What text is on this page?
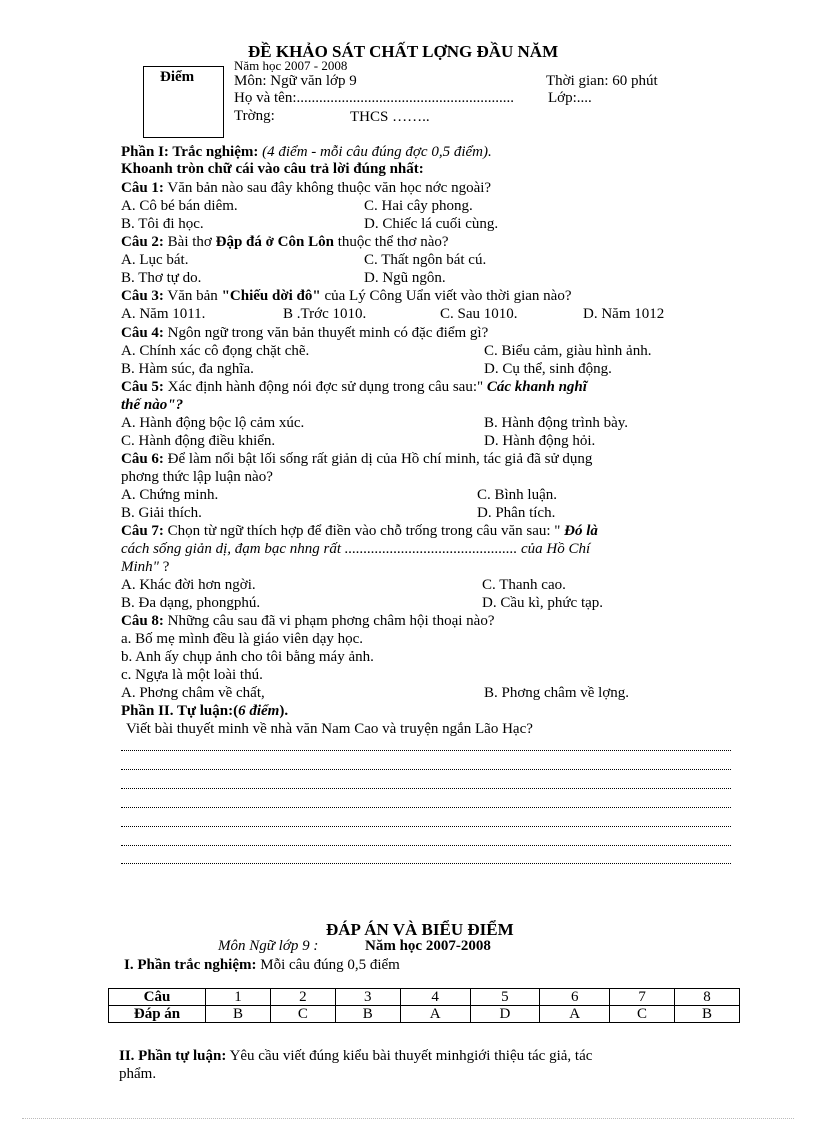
ĐỀ KHẢO SÁT CHẤT LỢNG ĐẦU NĂM
Năm học 2007 - 2008
Điểm	Môn: Ngữ văn lớp 9	Thời gian: 60 phút
Họ và tên:.......................................................... Lớp:....
Trờng:	THCS ……..
Phần I: Trắc nghiệm: (4 điểm - mỗi câu đúng đợc 0,5 điểm).
Khoanh tròn chữ cái vào câu trả lời đúng nhất:
Câu 1: Văn bản nào sau đây không thuộc văn học nớc ngoài?
A. Cô bé bán diêm.	C. Hai cây phong.
B. Tôi đi học.	D. Chiếc lá cuối cùng.
Câu 2: Bài thơ Đập đá ở Côn Lôn thuộc thể thơ nào?
A. Lục bát.	C. Thất ngôn bát cú.
B. Thơ tự do.	D. Ngũ ngôn.
Câu 3: Văn bản "Chiếu dời đô" của Lý Công Uẩn viết vào thời gian nào?
A. Năm 1011.	B .Trớc 1010.	C. Sau 1010.	D. Năm 1012
Câu 4: Ngôn ngữ trong văn bản thuyết minh có đặc điểm gì?
A. Chính xác cô đọng chặt chẽ.	C. Biểu cảm, giàu hình ảnh.
B. Hàm súc, đa nghĩa.	D. Cụ thể, sinh động.
Câu 5: Xác định hành động nói đợc sử dụng trong câu sau:" Các khanh nghĩ
thế nào"?
A. Hành động bộc lộ cảm xúc.	B. Hành động trình bày.
C. Hành động điều khiển.	D. Hành động hỏi.
Câu 6: Để làm nổi bật lối sống rất giản dị của Hồ chí minh, tác giả đã sử dụng
phơng thức lập luận nào?
A. Chứng minh.	C. Bình luận.
B. Giải thích.	D. Phân tích.
Câu 7: Chọn từ ngữ thích hợp để điền vào chỗ trống trong câu văn sau: " Đó là
cách sống giản dị, đạm bạc nhng rất .............................................. của Hồ Chí
Minh" ?
A. Khác đời hơn ngời.	C. Thanh cao.
B. Đa dạng, phongphú.	D. Cầu kì, phức tạp.
Câu 8: Những câu sau đã vi phạm phơng châm hội thoại nào?
a. Bố mẹ mình đều là giáo viên dạy học.
b. Anh ấy chụp ảnh cho tôi bằng máy ảnh.
c. Ngựa là một loài thú.
A. Phơng châm về chất,	B. Phơng châm về lợng.
Phần II. Tự luận:(6 điểm).
Viết bài thuyết minh về nhà văn Nam Cao và truyện ngắn Lão Hạc?
ĐÁP ÁN VÀ BIỂU ĐIỂM
Môn Ngữ lớp 9 :	Năm học 2007-2008
I. Phần trắc nghiệm: Mỗi câu đúng 0,5 điểm
Câu	1	2	3	4	5	6	7	8
Đáp án	B	C	B	A	D	A	C	B
II. Phần tự luận: Yêu cầu viết đúng kiểu bài thuyết minhgiới thiệu tác giả, tác
phẩm.
